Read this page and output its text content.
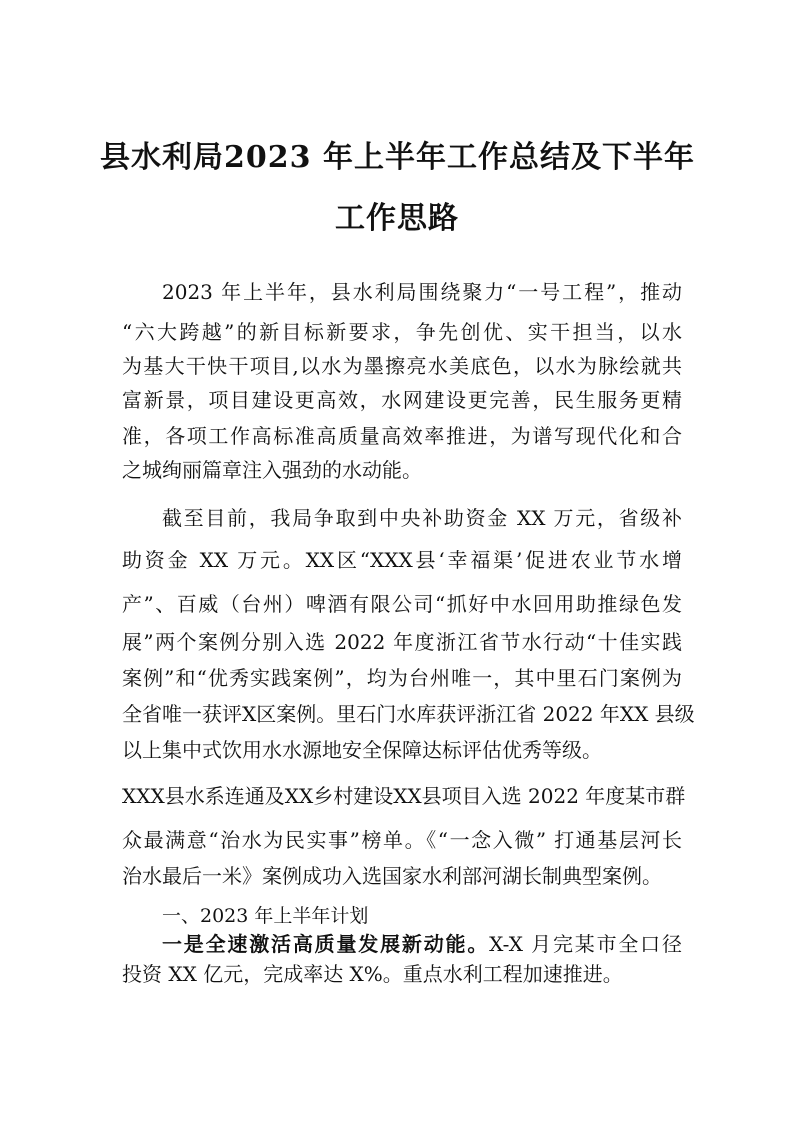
县水利局2023 年上半年工作总结及下半年
工作思路
2023 年上半年，县水利局围绕聚力“一号工程”，推动
“六大跨越”的新目标新要求，争先创优、实干担当，以水
为基大干快干项目,以水为墨擦亮水美底色，以水为脉绘就共
富新景，项目建设更高效，水网建设更完善，民生服务更精
准，各项工作高标准高质量高效率推进，为谱写现代化和合
之城绚丽篇章注入强劲的水动能。
截至目前，我局争取到中央补助资金 XX 万元，省级补
助资金 XX 万元。XX区“XXX县‘幸福渠’促进农业节水增
产”、百威（台州）啤酒有限公司“抓好中水回用助推绿色发
展”两个案例分别入选 2022 年度浙江省节水行动“十佳实践
案例”和“优秀实践案例”，均为台州唯一，其中里石门案例为
全省唯一获评X区案例。里石门水库获评浙江省 2022 年XX 县级
以上集中式饮用水水源地安全保障达标评估优秀等级。
XXX县水系连通及XX乡村建设XX县项目入选 2022 年度某市群
众最满意“治水为民实事”榜单。《“一念入微” 打通基层河长
治水最后一米》案例成功入选国家水利部河湖长制典型案例。
一、2023 年上半年计划
一是全速激活高质量发展新动能。X-X 月完某市全口径
投资 XX 亿元，完成率达 X%。重点水利工程加速推进。
